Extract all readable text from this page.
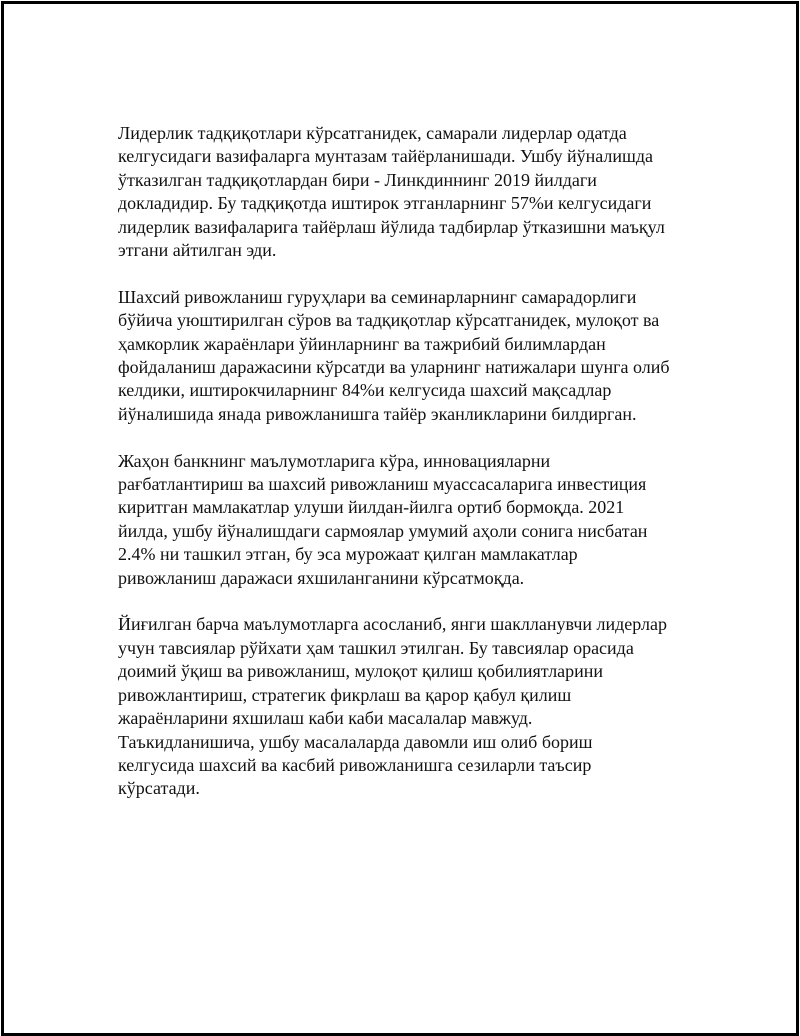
Лидерлик тадқиқотлари кўрсатганидек, самарали лидерлар одатда
келгусидаги вазифаларга мунтазам тайёрланишади. Ушбу йўналишда
ўтказилган тадқиқотлардан бири - Линкдиннинг 2019 йилдаги
докладидир. Бу тадқиқотда иштирок этганларнинг 57%и келгусидаги
лидерлик вазифаларига тайёрлаш йўлида тадбирлар ўтказишни маъқул
этгани айтилган эди.

Шахсий ривожланиш гуруҳлари ва семинарларнинг самарадорлиги
бўйича уюштирилган сўров ва тадқиқотлар кўрсатганидек, мулоқот ва
ҳамкорлик жараёнлари ўйинларнинг ва тажрибий билимлардан
фойдаланиш даражасини кўрсатди ва уларнинг натижалари шунга олиб
келдики, иштирокчиларнинг 84%и келгусида шахсий мақсадлар
йўналишида янада ривожланишга тайёр эканликларини билдирган.

Жаҳон банкнинг маълумотларига кўра, инновацияларни
рағбатлантириш ва шахсий ривожланиш муассасаларига инвестиция
киритган мамлакатлар улуши йилдан-йилга ортиб бормоқда. 2021
йилда, ушбу йўналишдаги сармоялар умумий аҳоли сонига нисбатан
2.4% ни ташкил этган, бу эса мурожаат қилган мамлакатлар
ривожланиш даражаси яхшиланганини кўрсатмоқда.

Йиғилган барча маълумотларга асосланиб, янги шаклланувчи лидерлар
учун тавсиялар рўйхати ҳам ташкил этилган. Бу тавсиялар орасида
доимий ўқиш ва ривожланиш, мулоқот қилиш қобилиятларини
ривожлантириш, стратегик фикрлаш ва қарор қабул қилиш
жараёнларини яхшилаш каби каби масалалар мавжуд.
Таъкидланишича, ушбу масалаларда давомли иш олиб бориш
келгусида шахсий ва касбий ривожланишга сезиларли таъсир
кўрсатади.
